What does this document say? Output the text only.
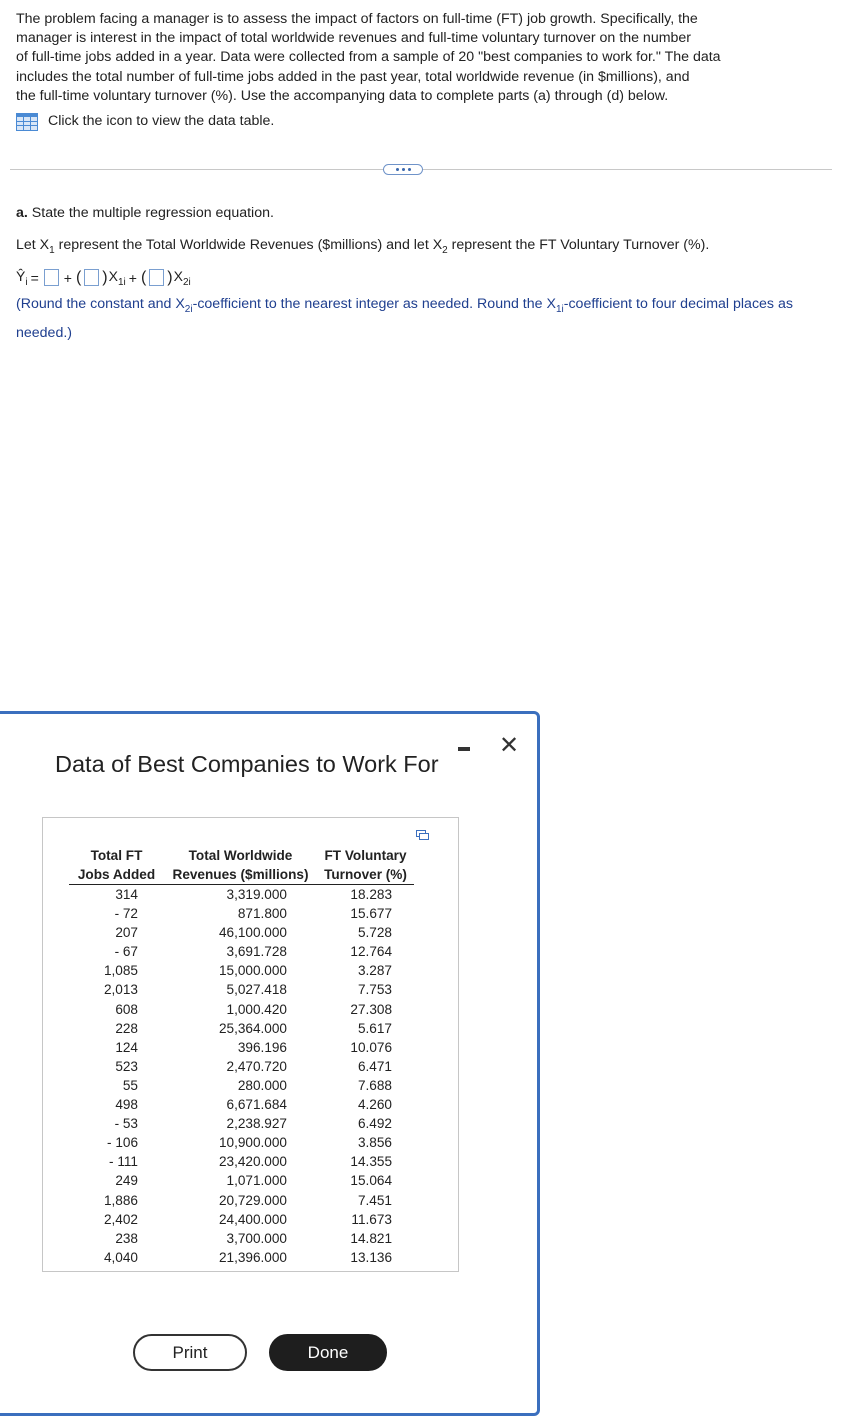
The problem facing a manager is to assess the impact of factors on full-time (FT) job growth. Specifically, the

manager is interest in the impact of total worldwide revenues and full-time voluntary turnover on the number

of full-time jobs added in a year. Data were collected from a sample of 20 "best companies to work for." The data

includes the total number of full-time jobs added in the past year, total worldwide revenue (in $millions), and

the full-time voluntary turnover (%). Use the accompanying data to complete parts (a) through (d) below.

Click the icon to view the data table.
a. State the multiple regression equation.
Let $X_1$ represent the Total Worldwide Revenues ($millions) and let $X_2$ represent the FT Voluntary Turnover (%).
$Ŷ_i$ = + ( ) $X_{1i}$ + ( ) $X_{2i}$
(Round the constant and $X_{2i}$-coefficient to the nearest integer as needed. Round the $X_{1i}$-coefficient to four decimal places as needed.)
Data of Best Companies to Work For
✕
Total FT	Total Worldwide	FT Voluntary
Jobs Added	Revenues ($millions)	Turnover (%)
314	3,319.000	18.283
- 72	871.800	15.677
207	46,100.000	5.728
- 67	3,691.728	12.764
1,085	15,000.000	3.287
2,013	5,027.418	7.753
608	1,000.420	27.308
228	25,364.000	5.617
124	396.196	10.076
523	2,470.720	6.471
55	280.000	7.688
498	6,671.684	4.260
- 53	2,238.927	6.492
- 106	10,900.000	3.856
- 111	23,420.000	14.355
249	1,071.000	15.064
1,886	20,729.000	7.451
2,402	24,400.000	11.673
238	3,700.000	14.821
4,040	21,396.000	13.136
Print	Done
